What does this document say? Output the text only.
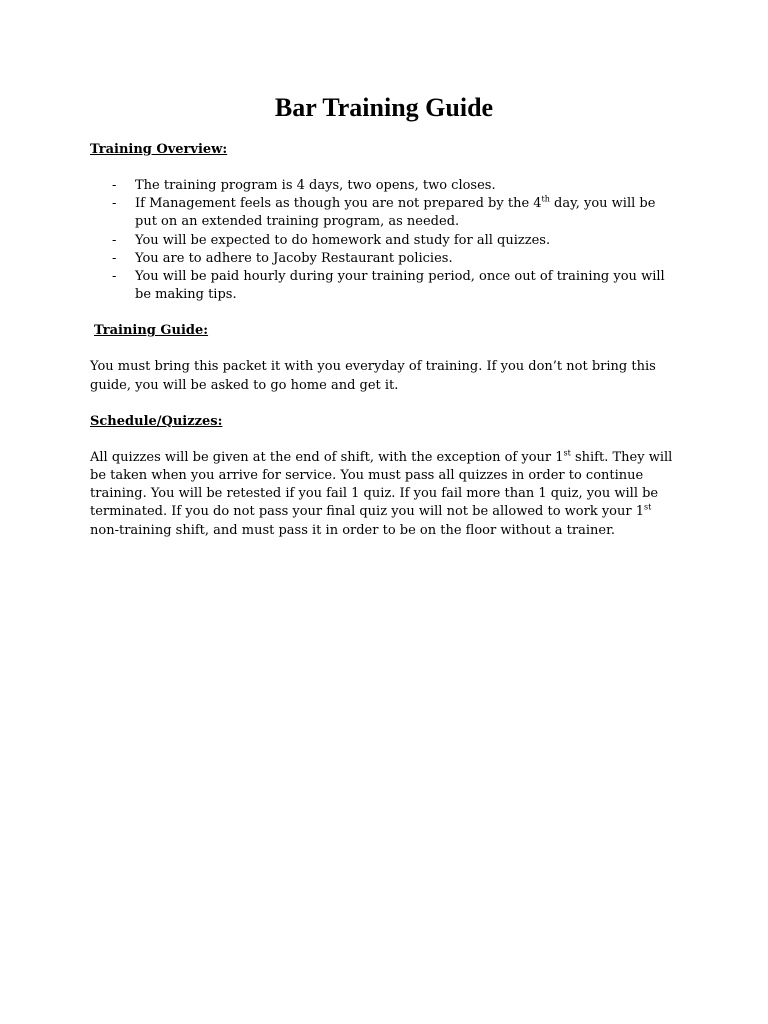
Bar Training Guide

Training Overview:

- The training program is 4 days, two opens, two closes.
- If Management feels as though you are not prepared by the 4th day, you will be put on an extended training program, as needed.
- You will be expected to do homework and study for all quizzes.
- You are to adhere to Jacoby Restaurant policies.
- You will be paid hourly during your training period, once out of training you will be making tips.

Training Guide:

You must bring this packet it with you everyday of training. If you don’t not bring this guide, you will be asked to go home and get it.

Schedule/Quizzes:

All quizzes will be given at the end of shift, with the exception of your 1st shift. They will be taken when you arrive for service. You must pass all quizzes in order to continue training. You will be retested if you fail 1 quiz. If you fail more than 1 quiz, you will be terminated. If you do not pass your final quiz you will not be allowed to work your 1st non-training shift, and must pass it in order to be on the floor without a trainer.
